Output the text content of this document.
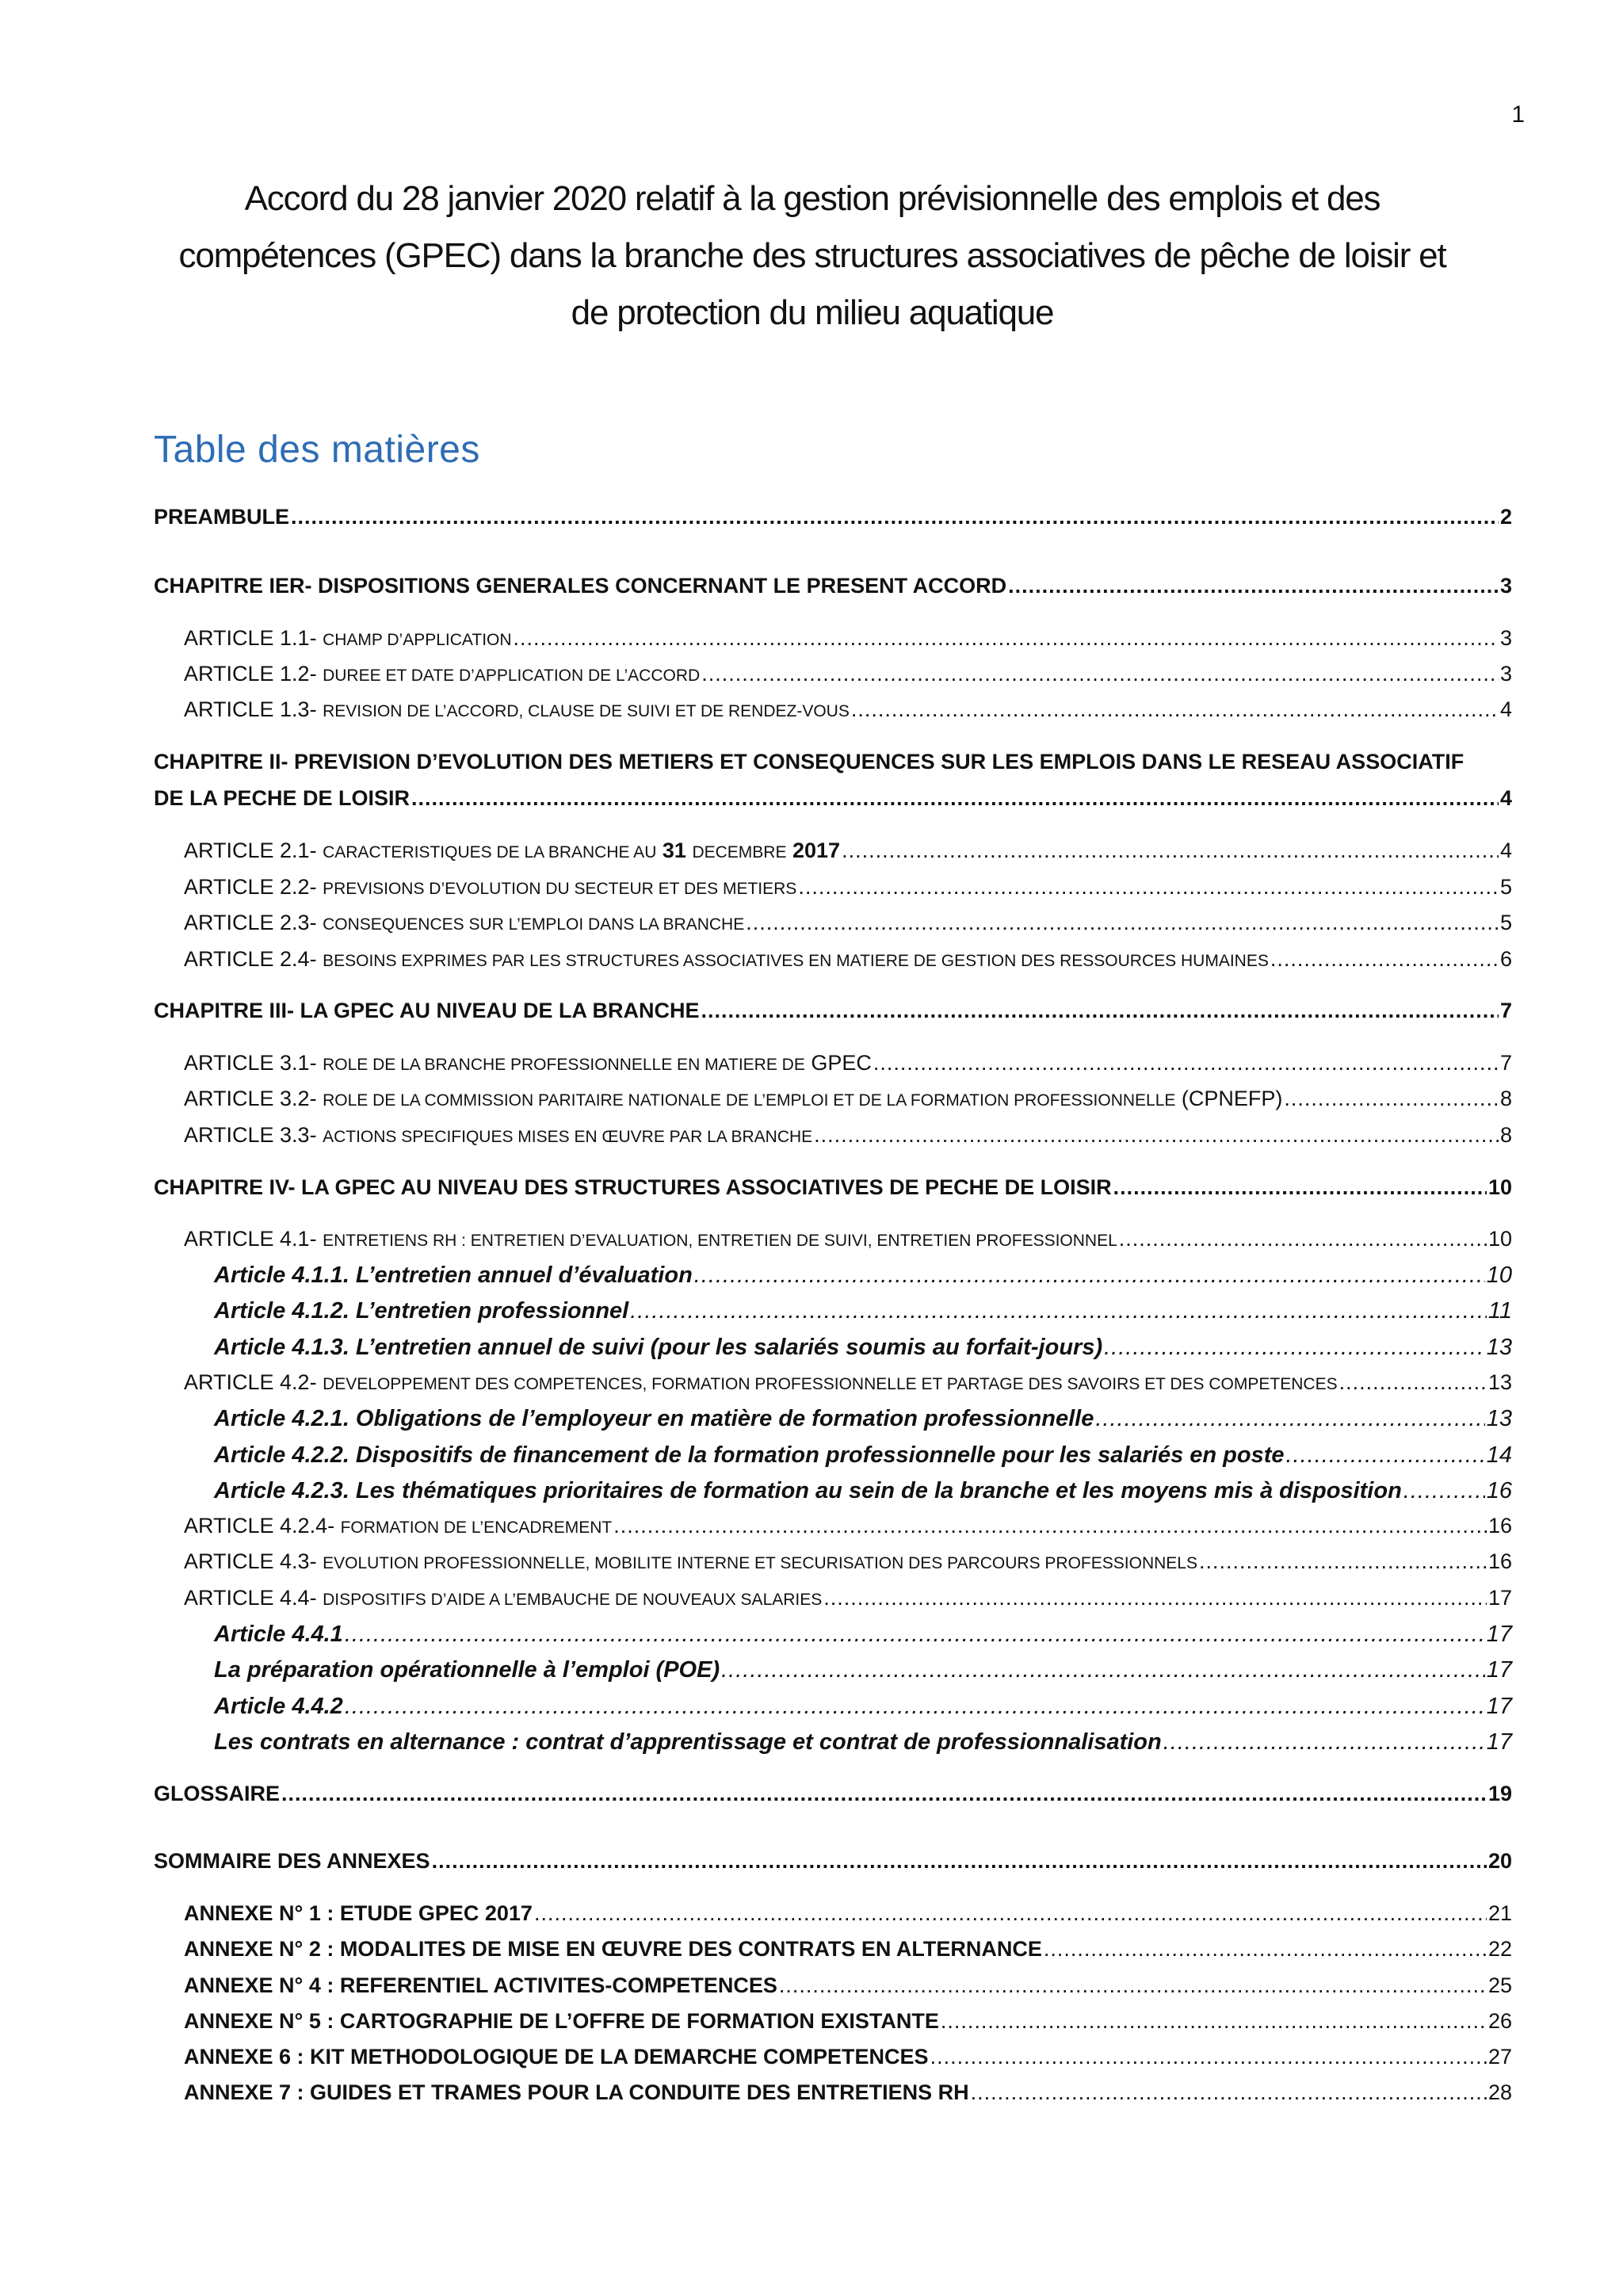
1
Accord du 28 janvier 2020 relatif à la gestion prévisionnelle des emplois et des
compétences (GPEC) dans la branche des structures associatives de pêche de loisir et
de protection du milieu aquatique
Table des matières
PREAMBULE .....	2
CHAPITRE IER- DISPOSITIONS GENERALES CONCERNANT LE PRESENT ACCORD .....	3
ARTICLE 1.1- CHAMP D’APPLICATION .....	3
ARTICLE 1.2- DUREE ET DATE D’APPLICATION DE L’ACCORD .....	3
ARTICLE 1.3- REVISION DE L’ACCORD, CLAUSE DE SUIVI ET DE RENDEZ-VOUS .....	4
CHAPITRE II- PREVISION D’EVOLUTION DES METIERS ET CONSEQUENCES SUR LES EMPLOIS DANS LE RESEAU ASSOCIATIF
DE LA PECHE DE LOISIR .....	4
ARTICLE 2.1- CARACTERISTIQUES DE LA BRANCHE AU 31 DECEMBRE 2017 .....	4
ARTICLE 2.2- PREVISIONS D’EVOLUTION DU SECTEUR ET DES METIERS .....	5
ARTICLE 2.3- CONSEQUENCES SUR L’EMPLOI DANS LA BRANCHE .....	5
ARTICLE 2.4- BESOINS EXPRIMES PAR LES STRUCTURES ASSOCIATIVES EN MATIERE DE GESTION DES RESSOURCES HUMAINES .....	6
CHAPITRE III- LA GPEC AU NIVEAU DE LA BRANCHE .....	7
ARTICLE 3.1- ROLE DE LA BRANCHE PROFESSIONNELLE EN MATIERE DE GPEC .....	7
ARTICLE 3.2- ROLE DE LA COMMISSION PARITAIRE NATIONALE DE L’EMPLOI ET DE LA FORMATION PROFESSIONNELLE (CPNEFP) .....	8
ARTICLE 3.3- ACTIONS SPECIFIQUES MISES EN ŒUVRE PAR LA BRANCHE .....	8
CHAPITRE IV- LA GPEC AU NIVEAU DES STRUCTURES ASSOCIATIVES DE PECHE DE LOISIR .....	10
ARTICLE 4.1- ENTRETIENS RH : ENTRETIEN D’EVALUATION, ENTRETIEN DE SUIVI, ENTRETIEN PROFESSIONNEL .....	10
Article 4.1.1. L’entretien annuel d’évaluation .....	10
Article 4.1.2. L’entretien professionnel .....	11
Article 4.1.3. L’entretien annuel de suivi (pour les salariés soumis au forfait-jours) .....	13
ARTICLE 4.2- DEVELOPPEMENT DES COMPETENCES, FORMATION PROFESSIONNELLE ET PARTAGE DES SAVOIRS ET DES COMPETENCES .....	13
Article 4.2.1. Obligations de l’employeur en matière de formation professionnelle .....	13
Article 4.2.2. Dispositifs de financement de la formation professionnelle pour les salariés en poste .....	14
Article 4.2.3. Les thématiques prioritaires de formation au sein de la branche et les moyens mis à disposition .....	16
ARTICLE 4.2.4- FORMATION DE L’ENCADREMENT .....	16
ARTICLE 4.3- EVOLUTION PROFESSIONNELLE, MOBILITE INTERNE ET SECURISATION DES PARCOURS PROFESSIONNELS .....	16
ARTICLE 4.4- DISPOSITIFS D’AIDE A L’EMBAUCHE DE NOUVEAUX SALARIES .....	17
Article 4.4.1 .....	17
La préparation opérationnelle à l’emploi (POE) .....	17
Article 4.4.2 .....	17
Les contrats en alternance : contrat d’apprentissage et contrat de professionnalisation .....	17
GLOSSAIRE .....	19
SOMMAIRE DES ANNEXES .....	20
ANNEXE N° 1 : ETUDE GPEC 2017 .....	21
ANNEXE N° 2 : MODALITES DE MISE EN ŒUVRE DES CONTRATS EN ALTERNANCE .....	22
ANNEXE N° 4 : REFERENTIEL ACTIVITES-COMPETENCES .....	25
ANNEXE N° 5 : CARTOGRAPHIE DE L’OFFRE DE FORMATION EXISTANTE .....	26
ANNEXE 6 : KIT METHODOLOGIQUE DE LA DEMARCHE COMPETENCES .....	27
ANNEXE 7 : GUIDES ET TRAMES POUR LA CONDUITE DES ENTRETIENS RH .....	28
